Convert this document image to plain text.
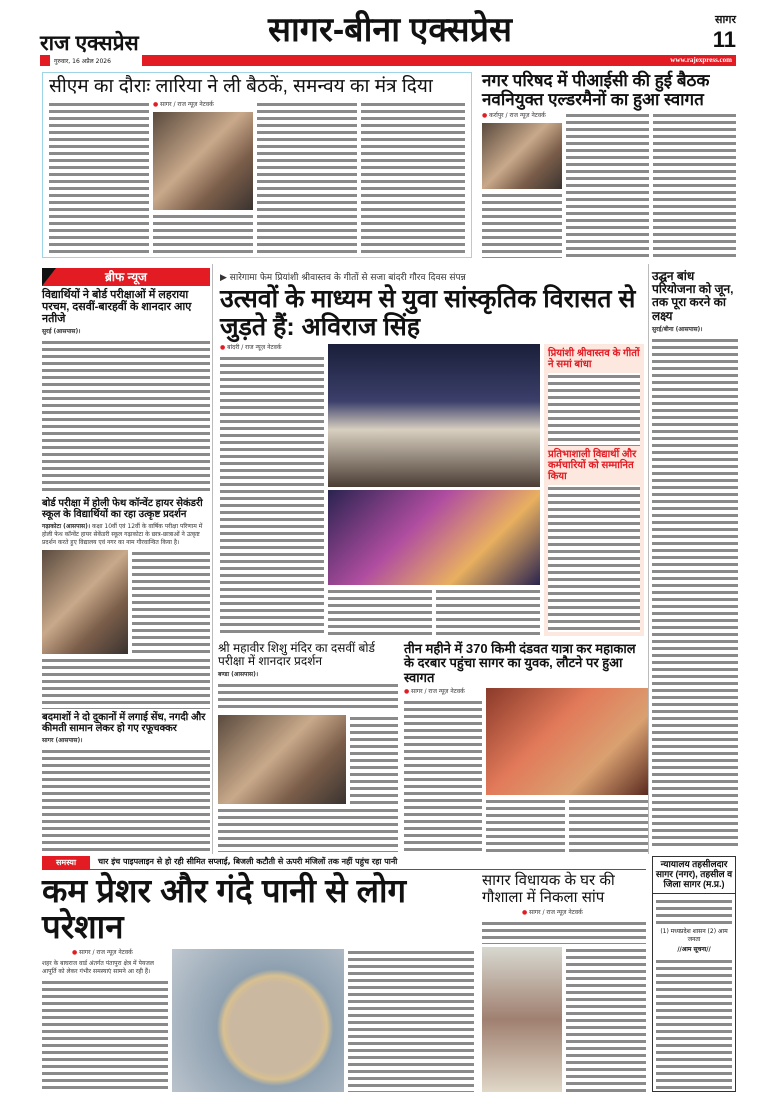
राज एक्सप्रेस	सागर-बीना एक्सप्रेस	सागर
11
गुरुवार, 16 अप्रैल 2026	www.rajexpress.com
सीएम का दौराः लारिया ने ली बैठकें, समन्वय का मंत्र दिया
● सागर / राज न्यूज़ नेटवर्क
नगर परिषद में पीआईसी की हुई बैठक नवनियुक्त एल्डरमैनों का हुआ स्वागत
● कर्रापुर / राज न्यूज़ नेटवर्क
ब्रीफ न्यूज
विद्यार्थियों ने बोर्ड परीक्षाओं में लहराया परचम, दसवीं-बारहवीं के शानदार आए नतीजे
सुरई (आसपास)।
बोर्ड परीक्षा में होली फेथ कॉन्वेंट हायर सेकंडरी स्कूल के विद्यार्थियों का रहा उत्कृष्ट प्रदर्शन
गढ़ाकोटा (आसपास)। कक्षा 10वीं एवं 12वीं के वार्षिक परीक्षा परिणाम में होली फेथ कॉन्वेंट हायर सेकेंडरी स्कूल गढ़ाकोटा के छात्र-छात्राओं ने उत्कृष्ट प्रदर्शन करते हुए विद्यालय एवं नगर का नाम गौरवान्वित किया है।
बदमाशों ने दो दुकानों में लगाई सेंध, नगदी और कीमती सामान लेकर हो गए रफूचक्कर
सागर (आसपास)।
▶ सारेगामा फेम प्रियांशी श्रीवास्तव के गीतों से सजा बांदरी गौरव दिवस संपन्न
उत्सवों के माध्यम से युवा सांस्कृतिक विरासत से जुड़ते हैं: अविराज सिंह
● बांदरी / राज न्यूज़ नेटवर्क
प्रियांशी श्रीवास्तव के गीतों ने समां बांधा
प्रतिभाशाली विद्यार्थी और कर्मचारियों को सम्मानित किया
उद्घन बांध परियोजना को जून, तक पूरा करने का लक्ष्य
सुरई/बीना (आसपास)।
श्री महावीर शिशु मंदिर का दसवीं बोर्ड परीक्षा में शानदार प्रदर्शन
बण्डा (आसपास)।
तीन महीने में 370 किमी दंडवत यात्रा कर महाकाल के दरबार पहुंचा सागर का युवक, लौटने पर हुआ स्वागत
● सागर / राज न्यूज़ नेटवर्क
समस्या	चार इंच पाइपलाइन से हो रही सीमित सप्लाई, बिजली कटौती से ऊपरी मंजिलों तक नहीं पहुंच रहा पानी
कम प्रेशर और गंदे पानी से लोग परेशान
● सागर / राज न्यूज़ नेटवर्क
शहर के बाघराज वार्ड अंतर्गत पंतापुरा क्षेत्र में पेयजल आपूर्ति को लेकर गंभीर समस्याएं सामने आ रही हैं।
सागर विधायक के घर की गौशाला में निकला सांप
● सागर / राज न्यूज़ नेटवर्क
न्यायालय तहसीलदार सागर (नगर), तहसील व जिला सागर (म.प्र.)
(1) मध्यप्रदेश शासन (2) आम जनता
//आम सूचना//
